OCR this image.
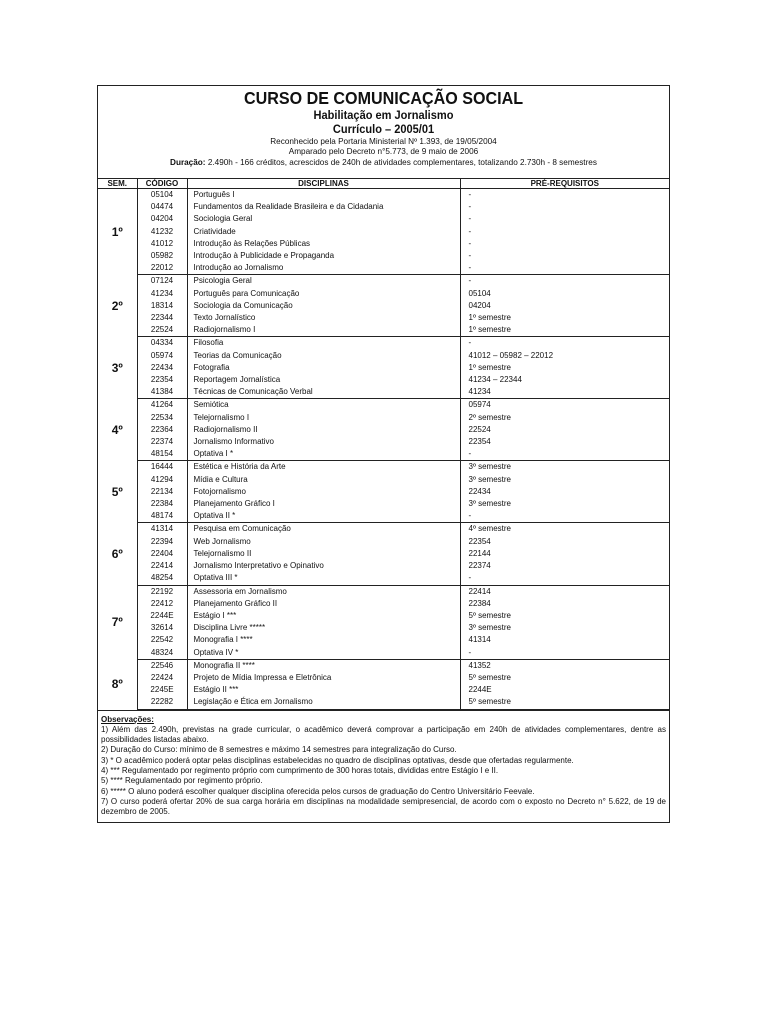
CURSO DE COMUNICAÇÃO SOCIAL
Habilitação em Jornalismo
Currículo – 2005/01
Reconhecido pela Portaria Ministerial Nº 1.393, de 19/05/2004
Amparado pelo Decreto n°5.773, de 9 maio de 2006
Duração: 2.490h - 166 créditos, acrescidos de 240h de atividades complementares, totalizando 2.730h - 8 semestres
SEM.	CÓDIGO	DISCIPLINAS	PRÉ-REQUISITOS
1º	05104	Português I	-
	04474	Fundamentos da Realidade Brasileira e da Cidadania	-
	04204	Sociologia Geral	-
	41232	Criatividade	-
	41012	Introdução às Relações Públicas	-
	05982	Introdução à Publicidade e Propaganda	-
	22012	Introdução ao Jornalismo	-
2º	07124	Psicologia Geral	-
	41234	Português para Comunicação	05104
	18314	Sociologia da Comunicação	04204
	22344	Texto Jornalístico	1º semestre
	22524	Radiojornalismo I	1º semestre
3º	04334	Filosofia	-
	05974	Teorias da Comunicação	41012 – 05982 – 22012
	22434	Fotografia	1º semestre
	22354	Reportagem Jornalística	41234 – 22344
	41384	Técnicas de Comunicação Verbal	41234
4º	41264	Semiótica	05974
	22534	Telejornalismo I	2º semestre
	22364	Radiojornalismo II	22524
	22374	Jornalismo Informativo	22354
	48154	Optativa I *	-
5º	16444	Estética e História da Arte	3º semestre
	41294	Mídia e Cultura	3º semestre
	22134	Fotojornalismo	22434
	22384	Planejamento Gráfico I	3º semestre
	48174	Optativa II *	-
6º	41314	Pesquisa em Comunicação	4º semestre
	22394	Web Jornalismo	22354
	22404	Telejornalismo II	22144
	22414	Jornalismo Interpretativo e Opinativo	22374
	48254	Optativa III *	-
7º	22192	Assessoria em Jornalismo	22414
	22412	Planejamento Gráfico II	22384
	2244E	Estágio I ***	5º semestre
	32614	Disciplina Livre *****	3º semestre
	22542	Monografia I ****	41314
	48324	Optativa IV *	-
8º	22546	Monografia II ****	41352
	22424	Projeto de Mídia Impressa e Eletrônica	5º semestre
	2245E	Estágio II ***	2244E
	22282	Legislação e Ética em Jornalismo	5º semestre
Observações:

1) Além das 2.490h, previstas na grade curricular, o acadêmico deverá comprovar a participação em 240h de atividades complementares, dentre as possibilidades listadas abaixo.

2) Duração do Curso: mínimo de 8 semestres e máximo 14 semestres para integralização do Curso.

3) * O acadêmico poderá optar pelas disciplinas estabelecidas no quadro de disciplinas optativas, desde que ofertadas regularmente.

4) *** Regulamentado por regimento próprio com cumprimento de 300 horas totais, divididas entre Estágio I e II.

5) **** Regulamentado por regimento próprio.

6) ***** O aluno poderá escolher qualquer disciplina oferecida pelos cursos de graduação do Centro Universitário Feevale.

7) O curso poderá ofertar 20% de sua carga horária em disciplinas na modalidade semipresencial, de acordo com o exposto no Decreto n° 5.622, de 19 de dezembro de 2005.
